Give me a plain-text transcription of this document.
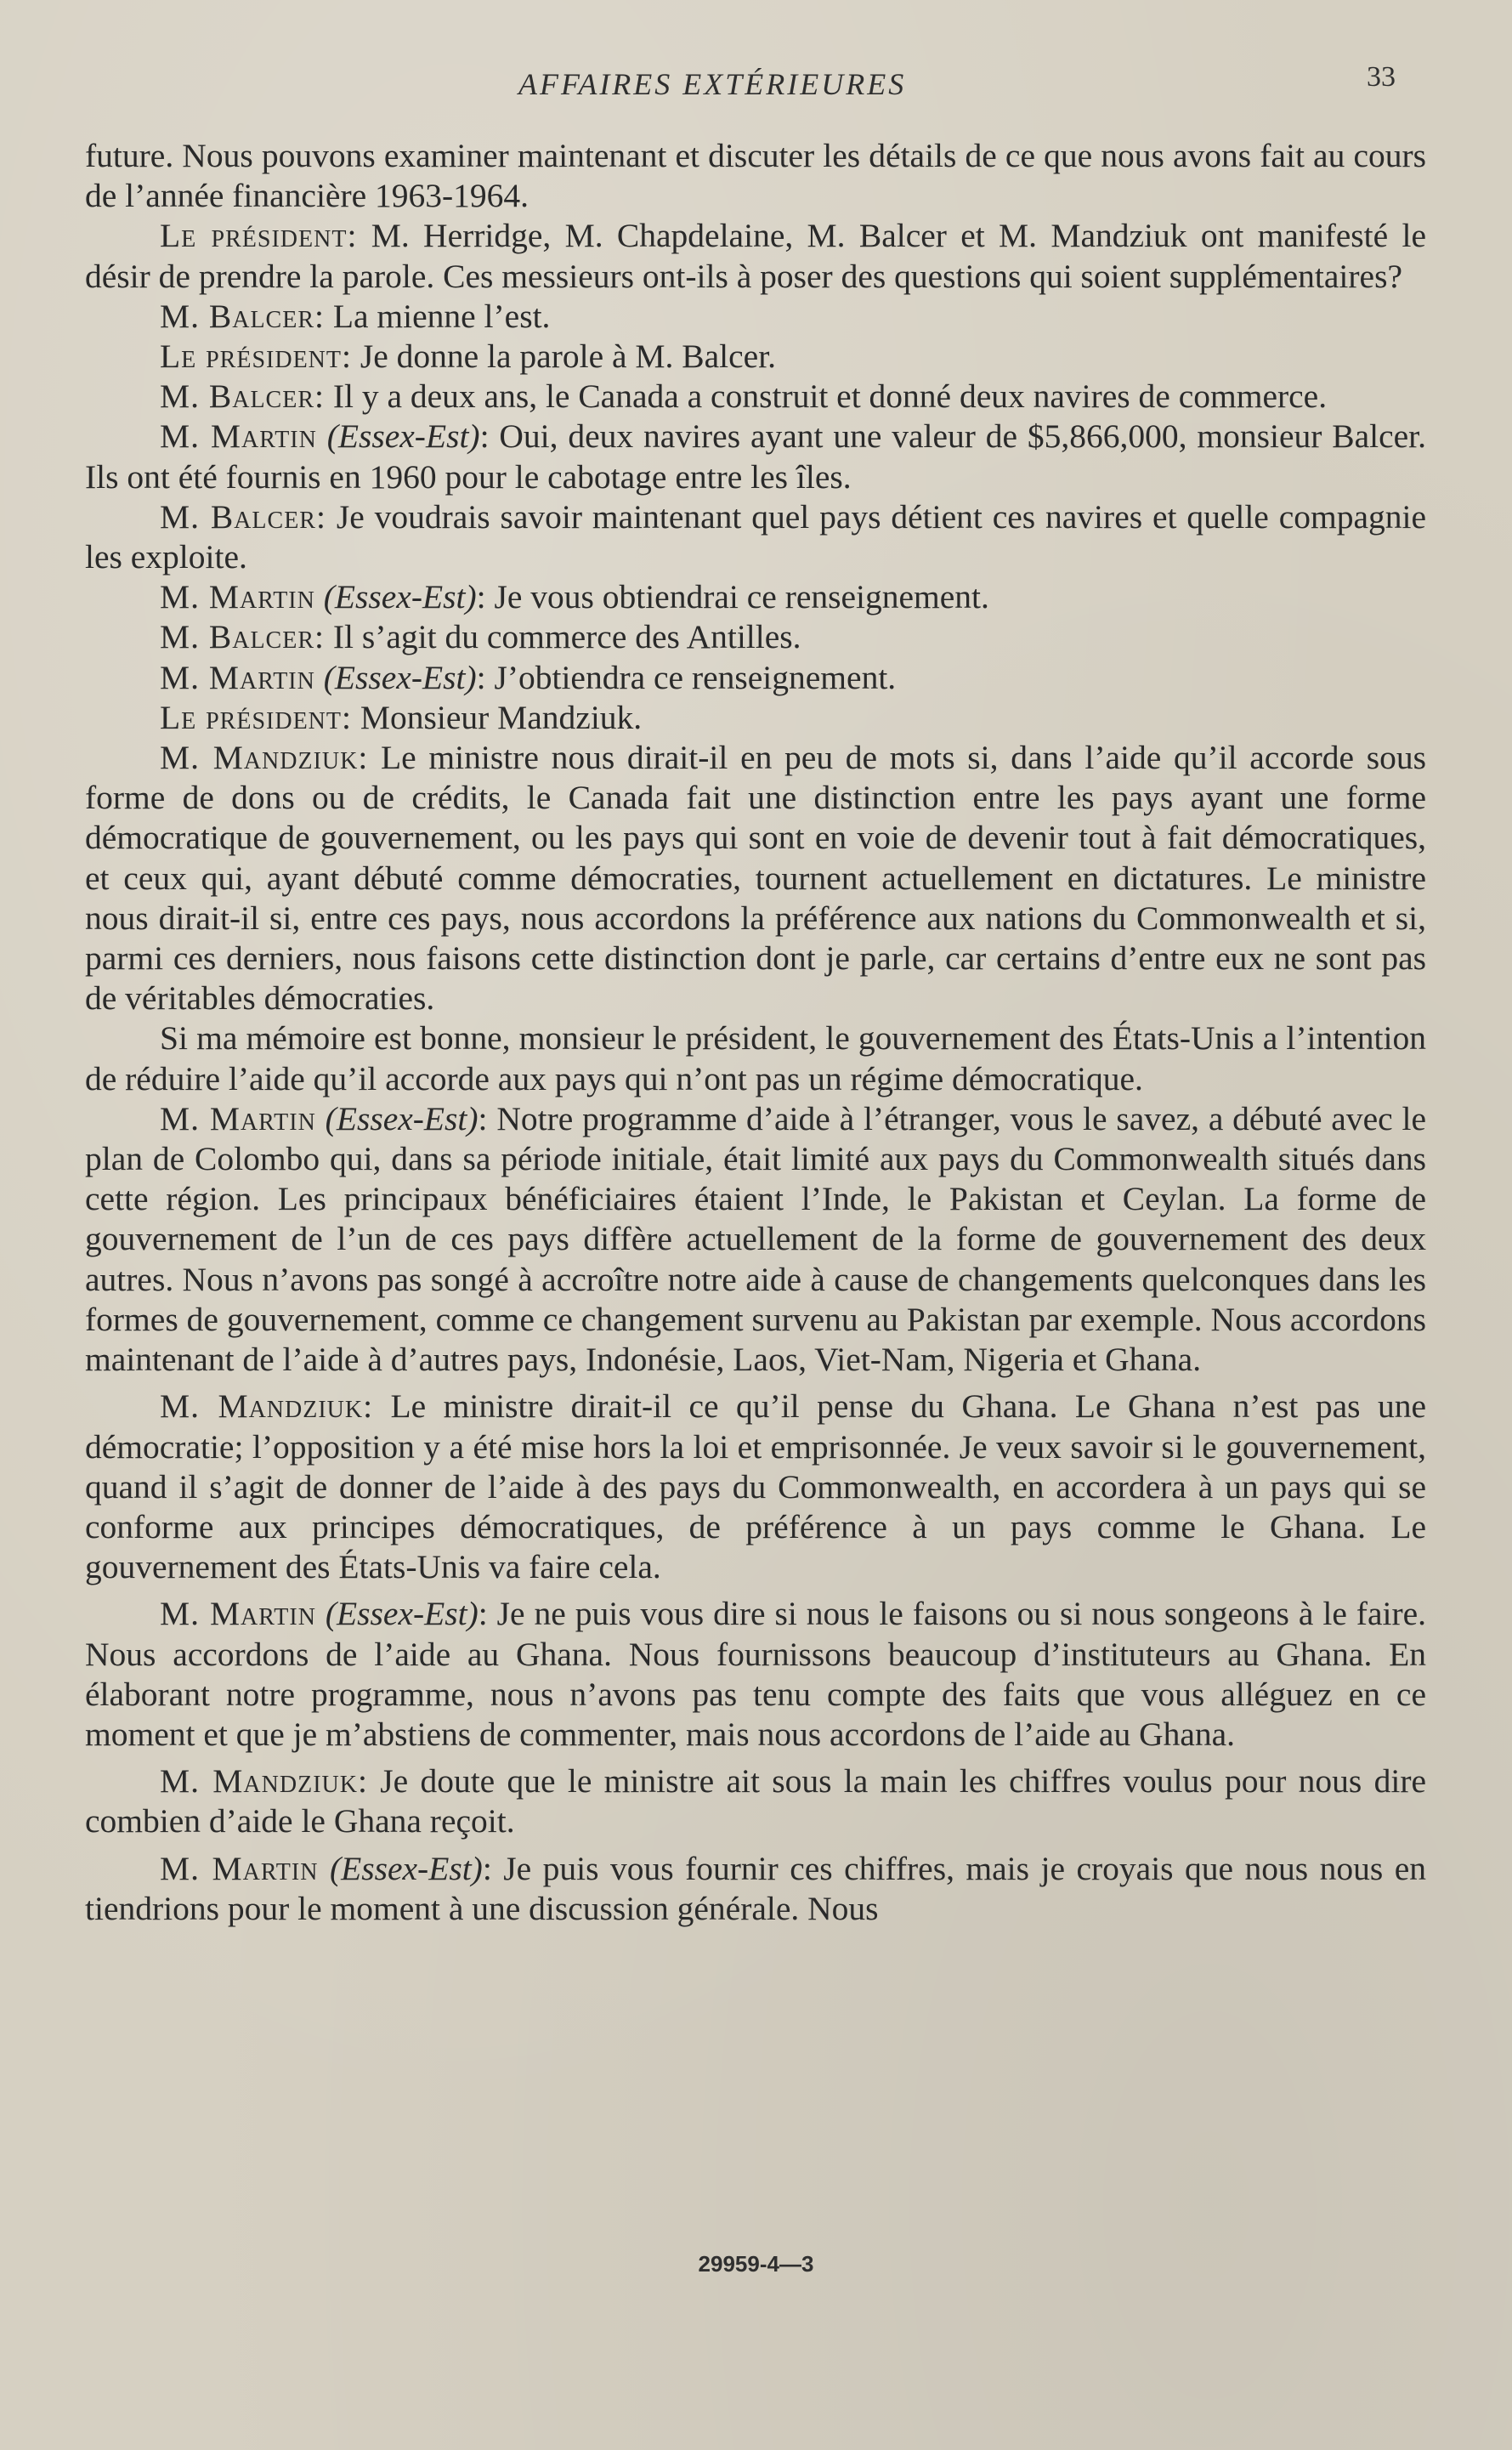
AFFAIRES EXTÉRIEURES	33

future. Nous pouvons examiner maintenant et discuter les détails de ce que nous avons fait au cours de l’année financière 1963-1964.

Le président: M. Herridge, M. Chapdelaine, M. Balcer et M. Mandziuk ont manifesté le désir de prendre la parole. Ces messieurs ont-ils à poser des questions qui soient supplémentaires?

M. Balcer: La mienne l’est.

Le président: Je donne la parole à M. Balcer.

M. Balcer: Il y a deux ans, le Canada a construit et donné deux navires de commerce.

M. Martin (Essex-Est): Oui, deux navires ayant une valeur de $5,866,000, monsieur Balcer. Ils ont été fournis en 1960 pour le cabotage entre les îles.

M. Balcer: Je voudrais savoir maintenant quel pays détient ces navires et quelle compagnie les exploite.

M. Martin (Essex-Est): Je vous obtiendrai ce renseignement.

M. Balcer: Il s’agit du commerce des Antilles.

M. Martin (Essex-Est): J’obtiendra ce renseignement.

Le président: Monsieur Mandziuk.

M. Mandziuk: Le ministre nous dirait-il en peu de mots si, dans l’aide qu’il accorde sous forme de dons ou de crédits, le Canada fait une distinction entre les pays ayant une forme démocratique de gouvernement, ou les pays qui sont en voie de devenir tout à fait démocratiques, et ceux qui, ayant débuté comme démocraties, tournent actuellement en dictatures. Le ministre nous dirait-il si, entre ces pays, nous accordons la préférence aux nations du Commonwealth et si, parmi ces derniers, nous faisons cette distinction dont je parle, car certains d’entre eux ne sont pas de véritables démocraties.

Si ma mémoire est bonne, monsieur le président, le gouvernement des États-Unis a l’intention de réduire l’aide qu’il accorde aux pays qui n’ont pas un régime démocratique.

M. Martin (Essex-Est): Notre programme d’aide à l’étranger, vous le savez, a débuté avec le plan de Colombo qui, dans sa période initiale, était limité aux pays du Commonwealth situés dans cette région. Les principaux bénéficiaires étaient l’Inde, le Pakistan et Ceylan. La forme de gouvernement de l’un de ces pays diffère actuellement de la forme de gouvernement des deux autres. Nous n’avons pas songé à accroître notre aide à cause de changements quelconques dans les formes de gouvernement, comme ce changement survenu au Pakistan par exemple. Nous accordons maintenant de l’aide à d’autres pays, Indonésie, Laos, Viet-Nam, Nigeria et Ghana.

M. Mandziuk: Le ministre dirait-il ce qu’il pense du Ghana. Le Ghana n’est pas une démocratie; l’opposition y a été mise hors la loi et emprisonnée. Je veux savoir si le gouvernement, quand il s’agit de donner de l’aide à des pays du Commonwealth, en accordera à un pays qui se conforme aux principes démocratiques, de préférence à un pays comme le Ghana. Le gouvernement des États-Unis va faire cela.

M. Martin (Essex-Est): Je ne puis vous dire si nous le faisons ou si nous songeons à le faire. Nous accordons de l’aide au Ghana. Nous fournissons beaucoup d’instituteurs au Ghana. En élaborant notre programme, nous n’avons pas tenu compte des faits que vous alléguez en ce moment et que je m’abstiens de commenter, mais nous accordons de l’aide au Ghana.

M. Mandziuk: Je doute que le ministre ait sous la main les chiffres voulus pour nous dire combien d’aide le Ghana reçoit.

M. Martin (Essex-Est): Je puis vous fournir ces chiffres, mais je croyais que nous nous en tiendrions pour le moment à une discussion générale. Nous

29959-4—3
